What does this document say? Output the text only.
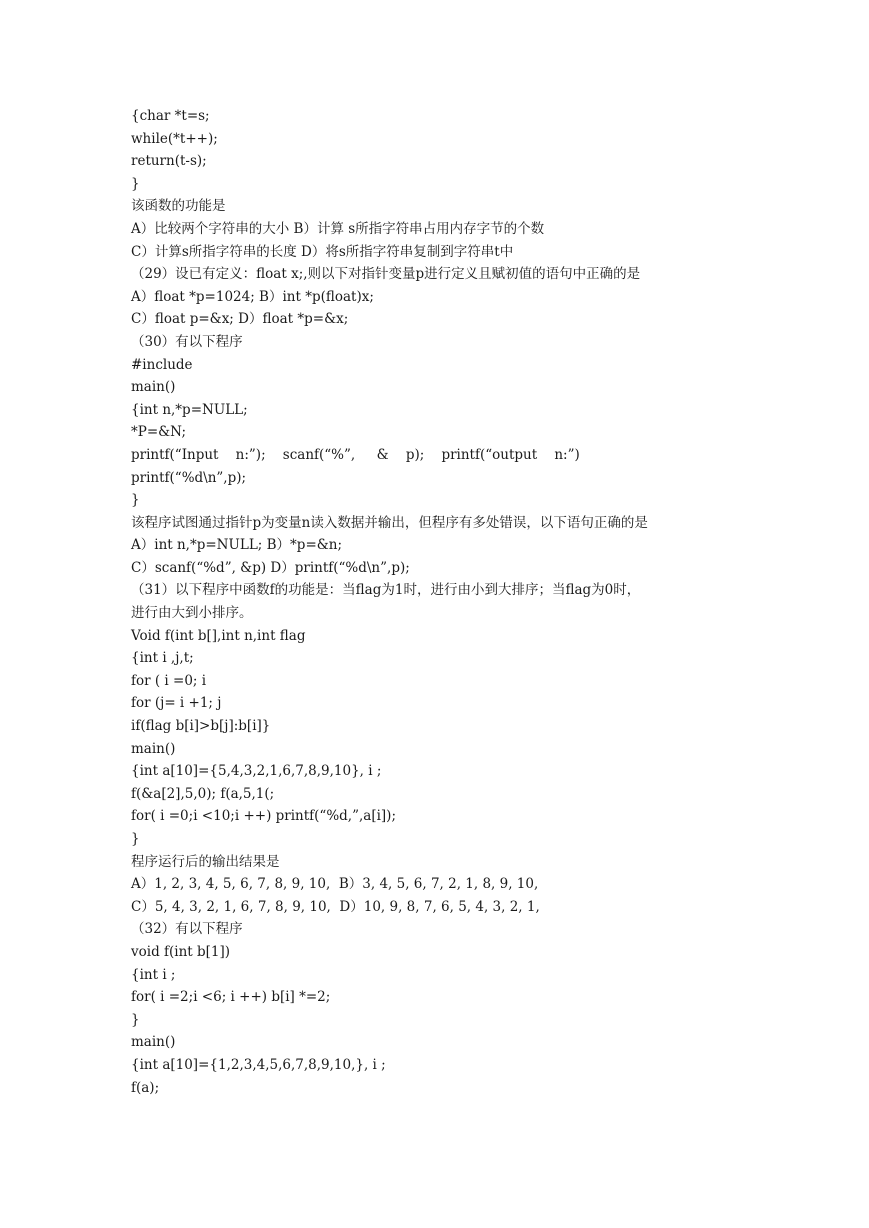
{char *t=s;
while(*t++);
return(t-s);
}
该函数的功能是
A）比较两个字符串的大小 B）计算 s所指字符串占用内存字节的个数
C）计算s所指字符串的长度 D）将s所指字符串复制到字符串t中
（29）设已有定义：float x;,则以下对指针变量p进行定义且赋初值的语句中正确的是
A）float *p=1024; B）int *p(float)x;
C）float p=&x; D）float *p=&x;
（30）有以下程序
#include
main()
{int n,*p=NULL;
*P=&N;
printf(“Input    n:”);    scanf(“%”,     &    p);    printf(“output    n:”)
printf(“%d\n”,p);
}
该程序试图通过指针p为变量n读入数据并输出，但程序有多处错误，以下语句正确的是
A）int n,*p=NULL; B）*p=&n;
C）scanf(“%d”, &p) D）printf(“%d\n”,p);
（31）以下程序中函数f的功能是：当flag为1时，进行由小到大排序；当flag为0时，
进行由大到小排序。
Void f(int b[],int n,int flag
{int i ,j,t;
for ( i =0; i
for (j= i +1; j
if(flag b[i]>b[j]:b[i]}
main()
{int a[10]={5,4,3,2,1,6,7,8,9,10}, i ;
f(&a[2],5,0); f(a,5,1(;
for( i =0;i <10;i ++) printf(“%d,”,a[i]);
}
程序运行后的输出结果是
A）1, 2, 3, 4, 5, 6, 7, 8, 9, 10,  B）3, 4, 5, 6, 7, 2, 1, 8, 9, 10,
C）5, 4, 3, 2, 1, 6, 7, 8, 9, 10,  D）10, 9, 8, 7, 6, 5, 4, 3, 2, 1,
（32）有以下程序
void f(int b[1])
{int i ;
for( i =2;i <6; i ++) b[i] *=2;
}
main()
{int a[10]={1,2,3,4,5,6,7,8,9,10,}, i ;
f(a);
